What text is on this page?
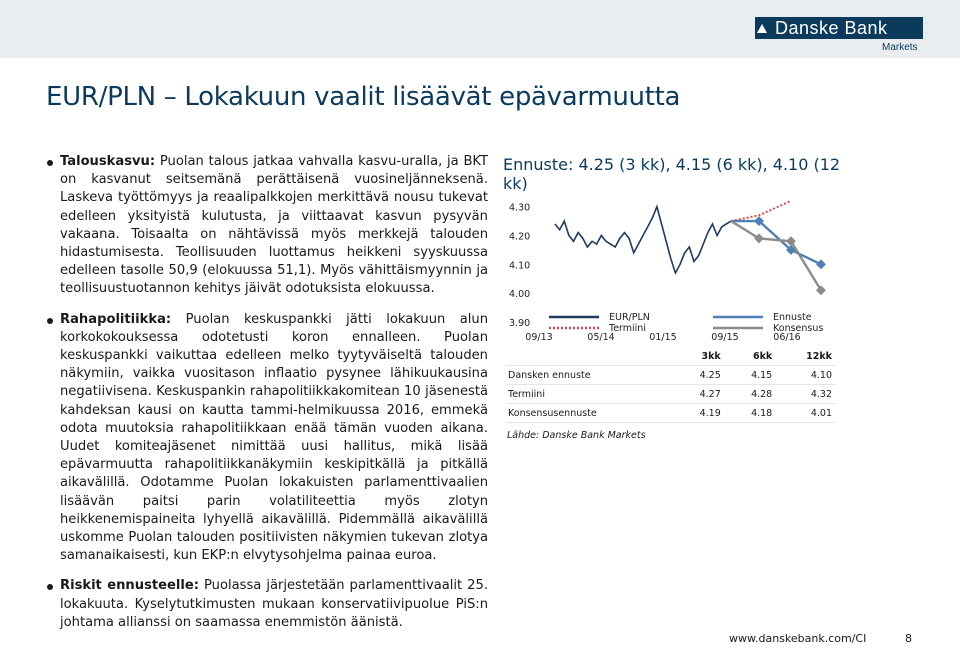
Danske Bank
Markets
EUR/PLN – Lokakuun vaalit lisäävät epävarmuutta
Talouskasvu: Puolan talous jatkaa vahvalla kasvu-uralla, ja BKT on kasvanut seitsemänä perättäisenä vuosineljänneksenä. Laskeva työttömyys ja reaalipalkkojen merkittävä nousu tukevat edelleen yksityistä kulutusta, ja viittaavat kasvun pysyvän vakaana. Toisaalta on nähtävissä myös merkkejä talouden hidastumisesta. Teollisuuden luottamus heikkeni syyskuussa edelleen tasolle 50,9 (elokuussa 51,1). Myös vähittäismyynnin ja teollisuustuotannon kehitys jäivät odotuksista elokuussa.
Rahapolitiikka: Puolan keskuspankki jätti lokakuun alun korkokokouksessa odotetusti koron ennalleen. Puolan keskuspankki vaikuttaa edelleen melko tyytyväiseltä talouden näkymiin, vaikka vuositason inflaatio pysynee lähikuukausina negatiivisena. Keskuspankin rahapolitiikkakomitean 10 jäsenestä kahdeksan kausi on kautta tammi-helmikuussa 2016, emmekä odota muutoksia rahapolitiikkaan enää tämän vuoden aikana. Uudet komiteajäsenet nimittää uusi hallitus, mikä lisää epävarmuutta rahapolitiikkanäkymiin keskipitkällä ja pitkällä aikavälillä. Odotamme Puolan lokakuisten parlamenttivaalien lisäävän paitsi parin volatiliteettia myös zlotyn heikkenemispaineita lyhyellä aikavälillä. Pidemmällä aikavälillä uskomme Puolan talouden positiivisten näkymien tukevan zlotya samanaikaisesti, kun EKP:n elvytysohjelma painaa euroa.
Riskit ennusteelle: Puolassa järjestetään parlamenttivaalit 25. lokakuuta. Kyselytutkimusten mukaan konservatiivipuolue PiS:n johtama allianssi on saamassa enemmistön äänistä.
Ennuste: 4.25 (3 kk), 4.15 (6 kk), 4.10 (12 kk)
4.30
4.20
4.10
4.00
3.90
09/13	05/14	01/15	09/15	06/16
EUR/PLN
Termiini
Ennuste
Konsensus
	3kk	6kk	12kk
Dansken ennuste	4.25	4.15	4.10
Termiini	4.27	4.28	4.32
Konsensusennuste	4.19	4.18	4.01
Lähde: Danske Bank Markets
www.danskebank.com/CI	8
